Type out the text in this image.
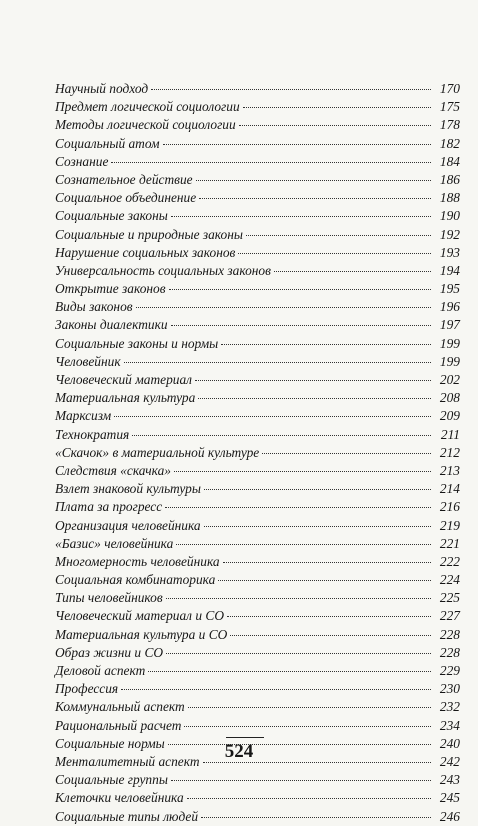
Научный подход	170
Предмет логической социологии	175
Методы логической социологии	178
Социальный атом	182
Сознание	184
Сознательное действие	186
Социальное объединение	188
Социальные законы	190
Социальные и природные законы	192
Нарушение социальных законов	193
Универсальность социальных законов	194
Открытие законов	195
Виды законов	196
Законы диалектики	197
Социальные законы и нормы	199
Человейник	199
Человеческий материал	202
Материальная культура	208
Марксизм	209
Технократия	211
«Скачок» в материальной культуре	212
Следствия «скачка»	213
Взлет знаковой культуры	214
Плата за прогресс	216
Организация человейника	219
«Базис» человейника	221
Многомерность человейника	222
Социальная комбинаторика	224
Типы человейников	225
Человеческий материал и СО	227
Материальная культура и СО	228
Образ жизни и СО	228
Деловой аспект	229
Профессия	230
Коммунальный аспект	232
Рациональный расчет	234
Социальные нормы	240
Менталитетный аспект	242
Социальные группы	243
Клеточки человейника	245
Социальные типы людей	246
524
